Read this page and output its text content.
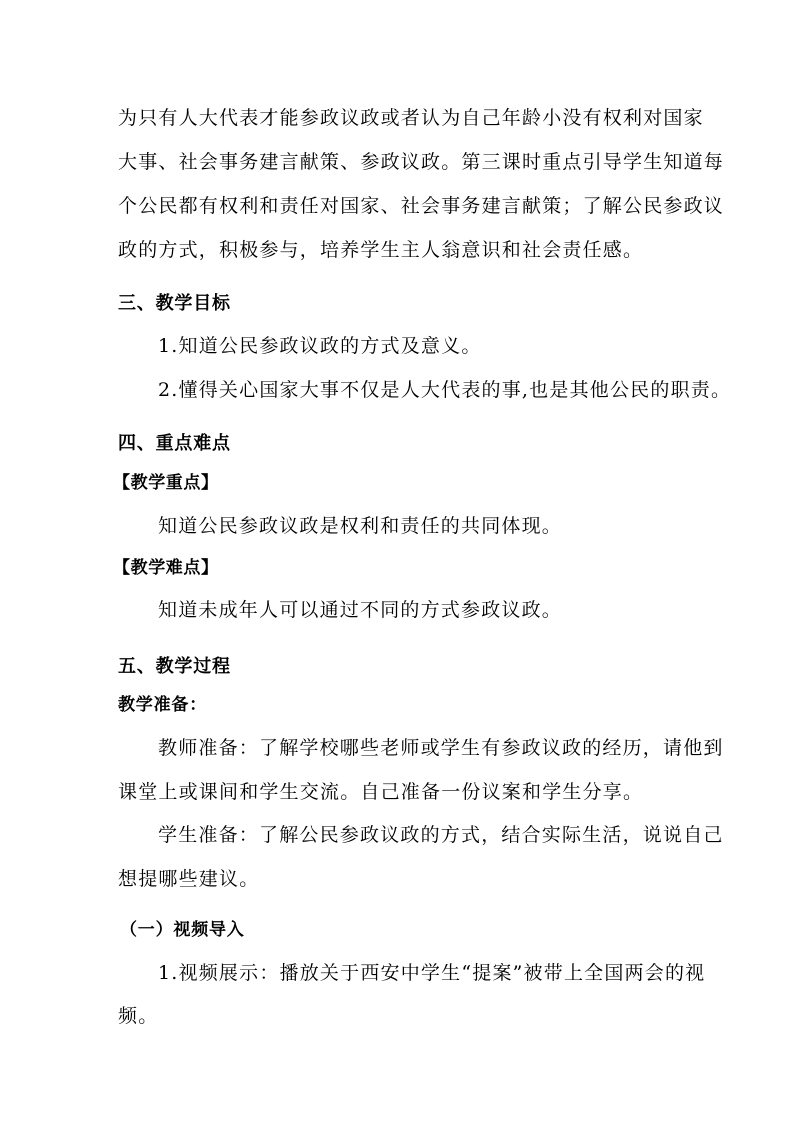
为只有人大代表才能参政议政或者认为自己年龄小没有权利对国家
大事、社会事务建言献策、参政议政。第三课时重点引导学生知道每
个公民都有权利和责任对国家、社会事务建言献策；了解公民参政议
政的方式，积极参与，培养学生主人翁意识和社会责任感。
三、教学目标
1.知道公民参政议政的方式及意义。
2.懂得关心国家大事不仅是人大代表的事,也是其他公民的职责。
四、重点难点
【教学重点】
知道公民参政议政是权利和责任的共同体现。
【教学难点】
知道未成年人可以通过不同的方式参政议政。
五、教学过程
教学准备：
教师准备：了解学校哪些老师或学生有参政议政的经历，请他到
课堂上或课间和学生交流。自己准备一份议案和学生分享。
学生准备：了解公民参政议政的方式，结合实际生活，说说自己
想提哪些建议。
（一）视频导入
1.视频展示：播放关于西安中学生“提案”被带上全国两会的视
频。
